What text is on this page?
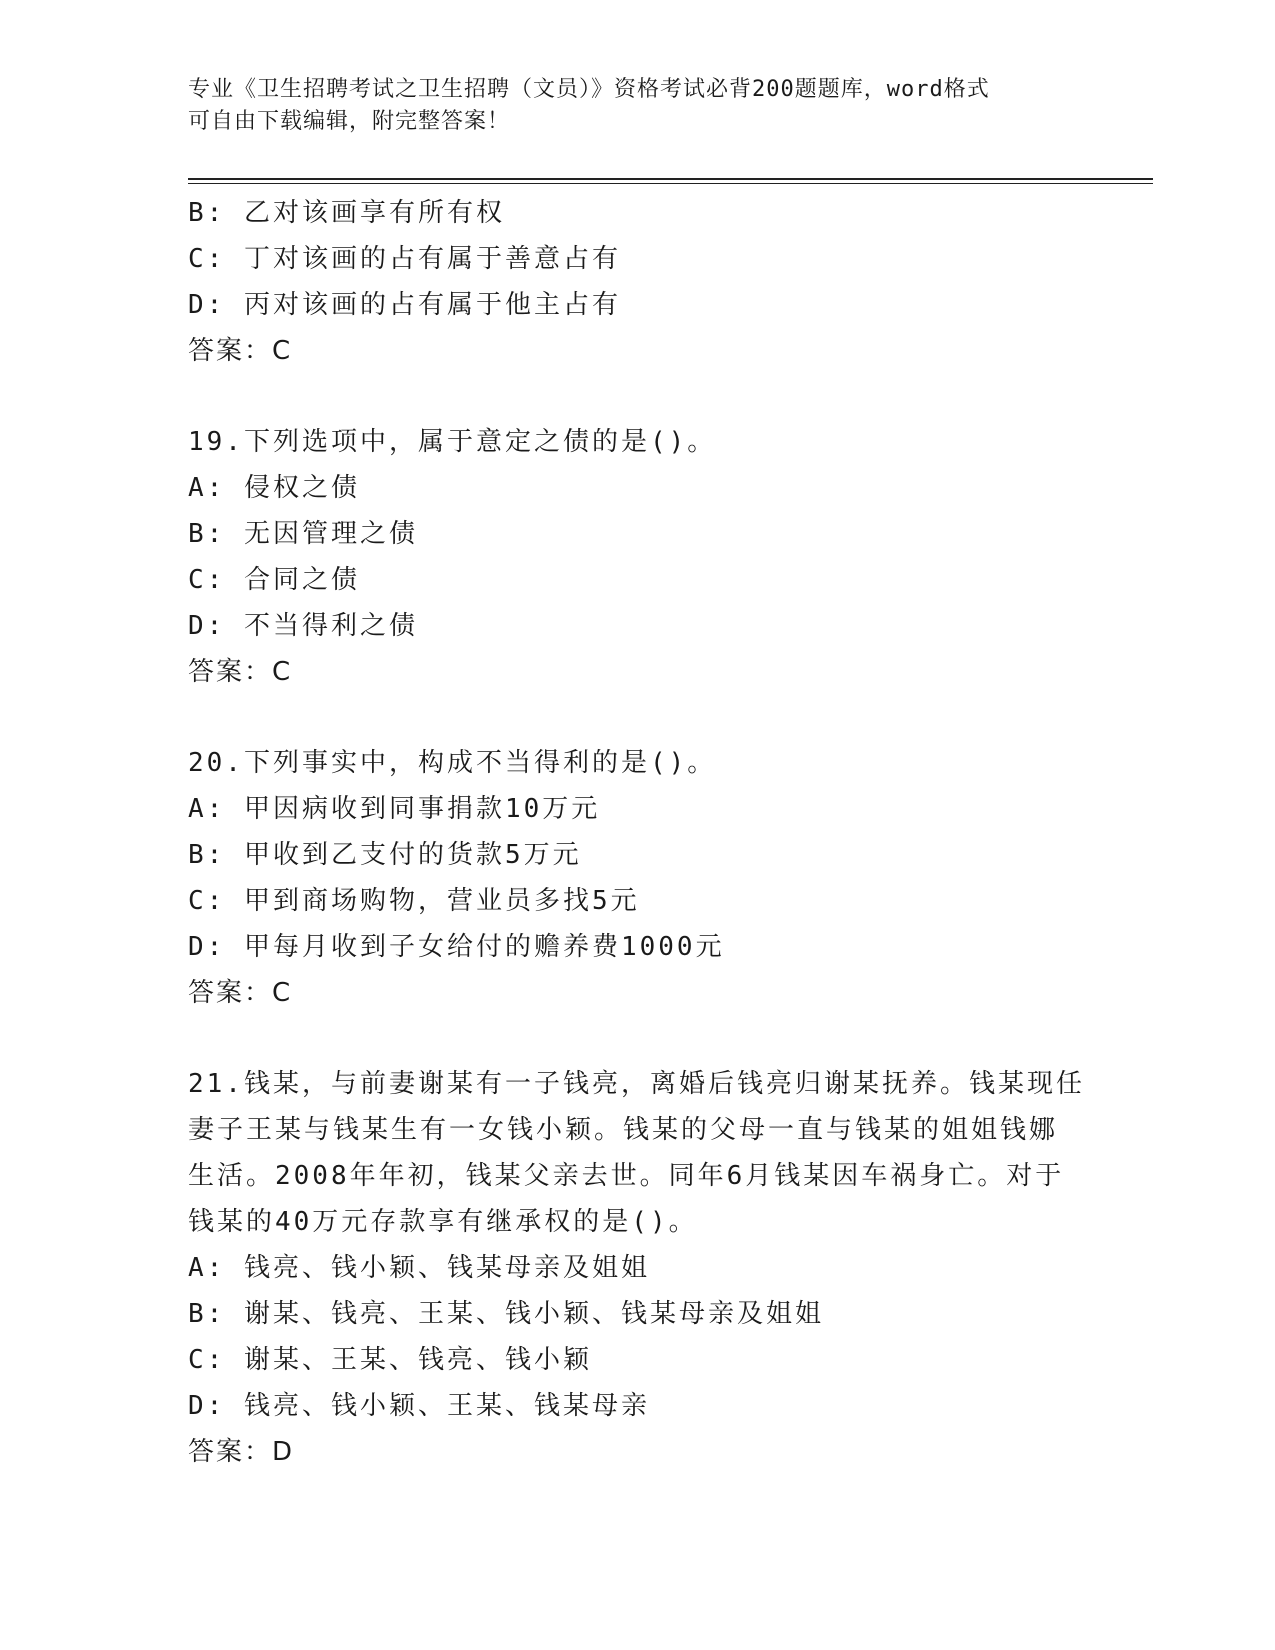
专业《卫生招聘考试之卫生招聘（文员）》资格考试必背200题题库，word格式

可自由下载编辑，附完整答案！

B: 乙对该画享有所有权
C: 丁对该画的占有属于善意占有
D: 丙对该画的占有属于他主占有
答案：C
19.下列选项中，属于意定之债的是()。
A: 侵权之债
B: 无因管理之债
C: 合同之债
D: 不当得利之债
答案：C
20.下列事实中，构成不当得利的是()。
A: 甲因病收到同事捐款10万元
B: 甲收到乙支付的货款5万元
C: 甲到商场购物，营业员多找5元
D: 甲每月收到子女给付的赡养费1000元
答案：C
21.钱某，与前妻谢某有一子钱亮，离婚后钱亮归谢某抚养。钱某现任
妻子王某与钱某生有一女钱小颖。钱某的父母一直与钱某的姐姐钱娜
生活。2008年年初，钱某父亲去世。同年6月钱某因车祸身亡。对于
钱某的40万元存款享有继承权的是()。
A: 钱亮、钱小颖、钱某母亲及姐姐
B: 谢某、钱亮、王某、钱小颖、钱某母亲及姐姐
C: 谢某、王某、钱亮、钱小颖
D: 钱亮、钱小颖、王某、钱某母亲
答案：D
